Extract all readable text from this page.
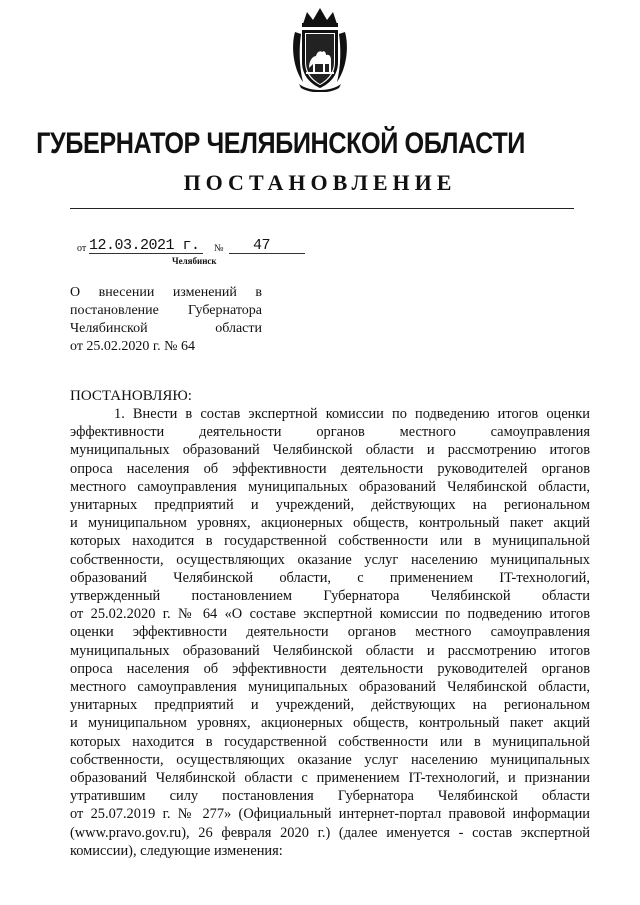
ГУБЕРНАТОР ЧЕЛЯБИНСКОЙ ОБЛАСТИ
ПОСТАНОВЛЕНИЕ
от 12.03.2021 г. № 47
Челябинск
О внесении изменений в
постановление Губернатора
Челябинской области
от 25.02.2020 г. № 64
ПОСТАНОВЛЯЮ:
1. Внести в состав экспертной комиссии по подведению итогов оценки
эффективности деятельности органов местного самоуправления
муниципальных образований Челябинской области и рассмотрению итогов
опроса населения об эффективности деятельности руководителей органов
местного самоуправления муниципальных образований Челябинской области,
унитарных предприятий и учреждений, действующих на региональном
и муниципальном уровнях, акционерных обществ, контрольный пакет акций
которых находится в государственной собственности или в муниципальной
собственности, осуществляющих оказание услуг населению муниципальных
образований Челябинской области, с применением IT-технологий,
утвержденный постановлением Губернатора Челябинской области
от 25.02.2020 г. № 64 «О составе экспертной комиссии по подведению итогов
оценки эффективности деятельности органов местного самоуправления
муниципальных образований Челябинской области и рассмотрению итогов
опроса населения об эффективности деятельности руководителей органов
местного самоуправления муниципальных образований Челябинской области,
унитарных предприятий и учреждений, действующих на региональном
и муниципальном уровнях, акционерных обществ, контрольный пакет акций
которых находится в государственной собственности или в муниципальной
собственности, осуществляющих оказание услуг населению муниципальных
образований Челябинской области с применением IT-технологий, и признании
утратившим силу постановления Губернатора Челябинской области
от 25.07.2019 г. № 277» (Официальный интернет-портал правовой информации
(www.pravo.gov.ru), 26 февраля 2020 г.) (далее именуется - состав экспертной
комиссии), следующие изменения:
